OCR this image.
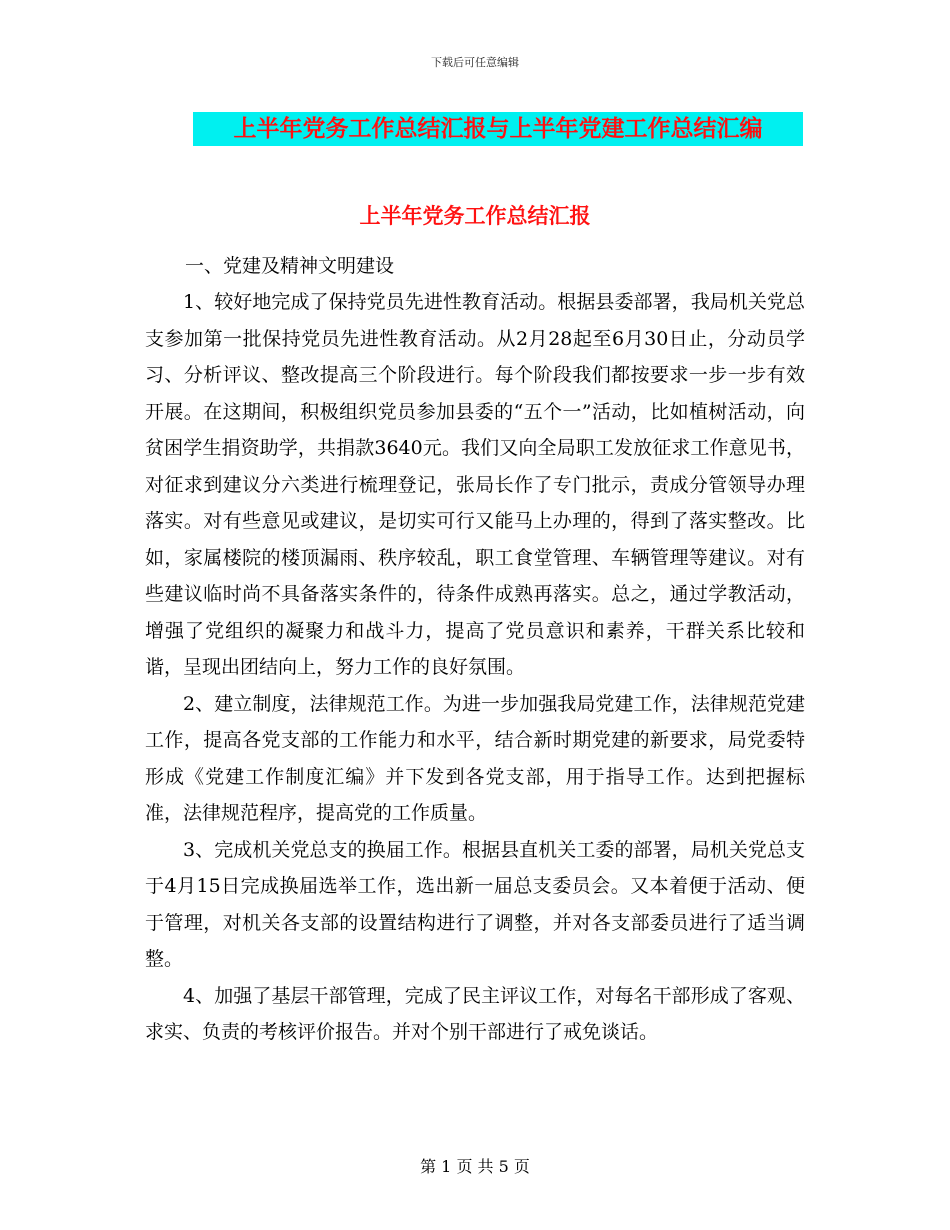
下载后可任意编辑
上半年党务工作总结汇报与上半年党建工作总结汇编
上半年党务工作总结汇报

一、党建及精神文明建设

1、较好地完成了保持党员先进性教育活动。根据县委部署，我局机关党总支参加第一批保持党员先进性教育活动。从2月28起至6月30日止，分动员学习、分析评议、整改提高三个阶段进行。每个阶段我们都按要求一步一步有效开展。在这期间，积极组织党员参加县委的“五个一”活动，比如植树活动，向贫困学生捐资助学，共捐款3640元。我们又向全局职工发放征求工作意见书，对征求到建议分六类进行梳理登记，张局长作了专门批示，责成分管领导办理落实。对有些意见或建议，是切实可行又能马上办理的，得到了落实整改。比如，家属楼院的楼顶漏雨、秩序较乱，职工食堂管理、车辆管理等建议。对有些建议临时尚不具备落实条件的，待条件成熟再落实。总之，通过学教活动，增强了党组织的凝聚力和战斗力，提高了党员意识和素养，干群关系比较和谐，呈现出团结向上，努力工作的良好氛围。

2、建立制度，法律规范工作。为进一步加强我局党建工作，法律规范党建工作，提高各党支部的工作能力和水平，结合新时期党建的新要求，局党委特形成《党建工作制度汇编》并下发到各党支部，用于指导工作。达到把握标准，法律规范程序，提高党的工作质量。

3、完成机关党总支的换届工作。根据县直机关工委的部署，局机关党总支于4月15日完成换届选举工作，选出新一届总支委员会。又本着便于活动、便于管理，对机关各支部的设置结构进行了调整，并对各支部委员进行了适当调整。

4、加强了基层干部管理，完成了民主评议工作，对每名干部形成了客观、求实、负责的考核评价报告。并对个别干部进行了戒免谈话。

第 1 页 共 5 页
